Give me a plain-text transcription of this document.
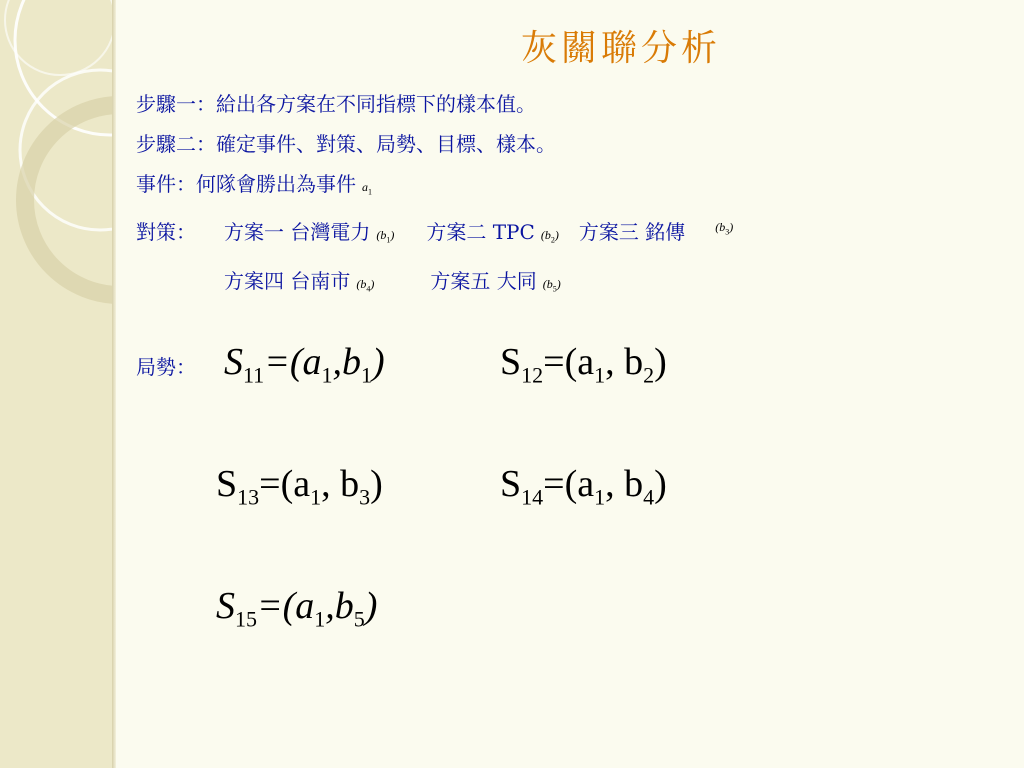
灰關聯分析
步驟一：給出各方案在不同指標下的樣本值。
步驟二：確定事件、對策、局勢、目標、樣本。
事件： 何隊會勝出為事件 $a_1$
對策：	方案一 台灣電力 $(b_1)$ 方案二 TPC $(b_2)$ 方案三 銘傳	$(b_3)$
方案四 台南市 $(b_4)$	方案五 大同 $(b_5)$
局勢： $S_{11}=(a_1,b_1)$	$S_{12}=(a_1$, $b_2$)
$S_{13}=(a_1$, $b_3$)	$S_{14}=(a_1$, $b_4$)
$S_{15}=(a_1,b_5)$
